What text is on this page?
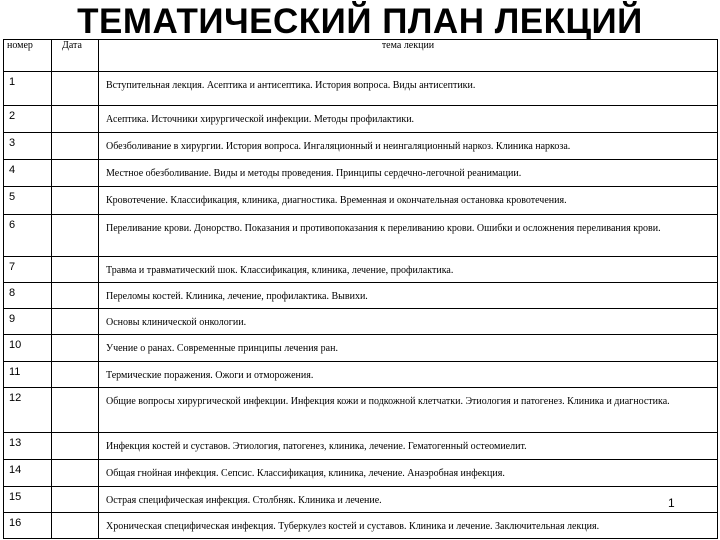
ТЕМАТИЧЕСКИЙ ПЛАН ЛЕКЦИЙ
номер	Дата	тема лекции
1		Вступительная лекция. Асептика и антисептика. История вопроса. Виды антисептики.
2		Асептика. Источники хирургической инфекции. Методы профилактики.
3		Обезболивание в хирургии. История вопроса. Ингаляционный и неингаляционный наркоз. Клиника наркоза.
4		Местное обезболивание. Виды и методы проведения. Принципы сердечно-легочной реанимации.
5		Кровотечение. Классификация, клиника, диагностика. Временная и окончательная остановка кровотечения.
6		Переливание крови. Донорство. Показания и противопоказания к переливанию крови. Ошибки и осложнения переливания крови.
7		Травма и травматический шок. Классификация, клиника, лечение, профилактика.
8		Переломы костей. Клиника, лечение, профилактика. Вывихи.
9		Основы клинической онкологии.
10		Учение о ранах. Современные принципы лечения ран.
11		Термические поражения. Ожоги и отморожения.
12		Общие вопросы хирургической инфекции. Инфекция кожи и подкожной клетчатки. Этиология и патогенез. Клиника и диагностика.
13		Инфекция костей и суставов. Этиология, патогенез, клиника, лечение. Гематогенный остеомиелит.
14		Общая гнойная инфекция. Сепсис. Классификация, клиника, лечение. Анаэробная инфекция.
15		Острая специфическая инфекция. Столбняк. Клиника и лечение.
16		Хроническая специфическая инфекция. Туберкулез костей и суставов. Клиника и лечение. Заключительная лекция.
1
